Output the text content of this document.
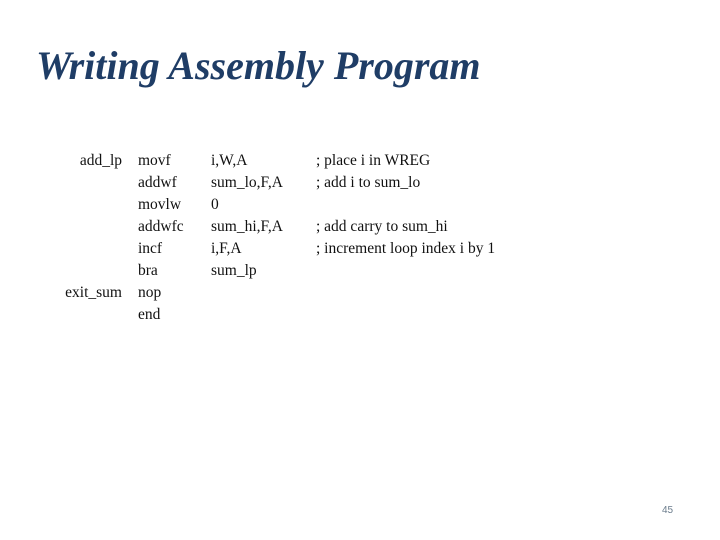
Writing Assembly Program
add_lp	movf	i,W,A	; place i in WREG
	addwf	sum_lo,F,A	; add i to sum_lo
	movlw	0	
	addwfc	sum_hi,F,A	; add carry to sum_hi
	incf	i,F,A	; increment loop index i by 1
	bra	sum_lp	
exit_sum	nop		
	end		
45
